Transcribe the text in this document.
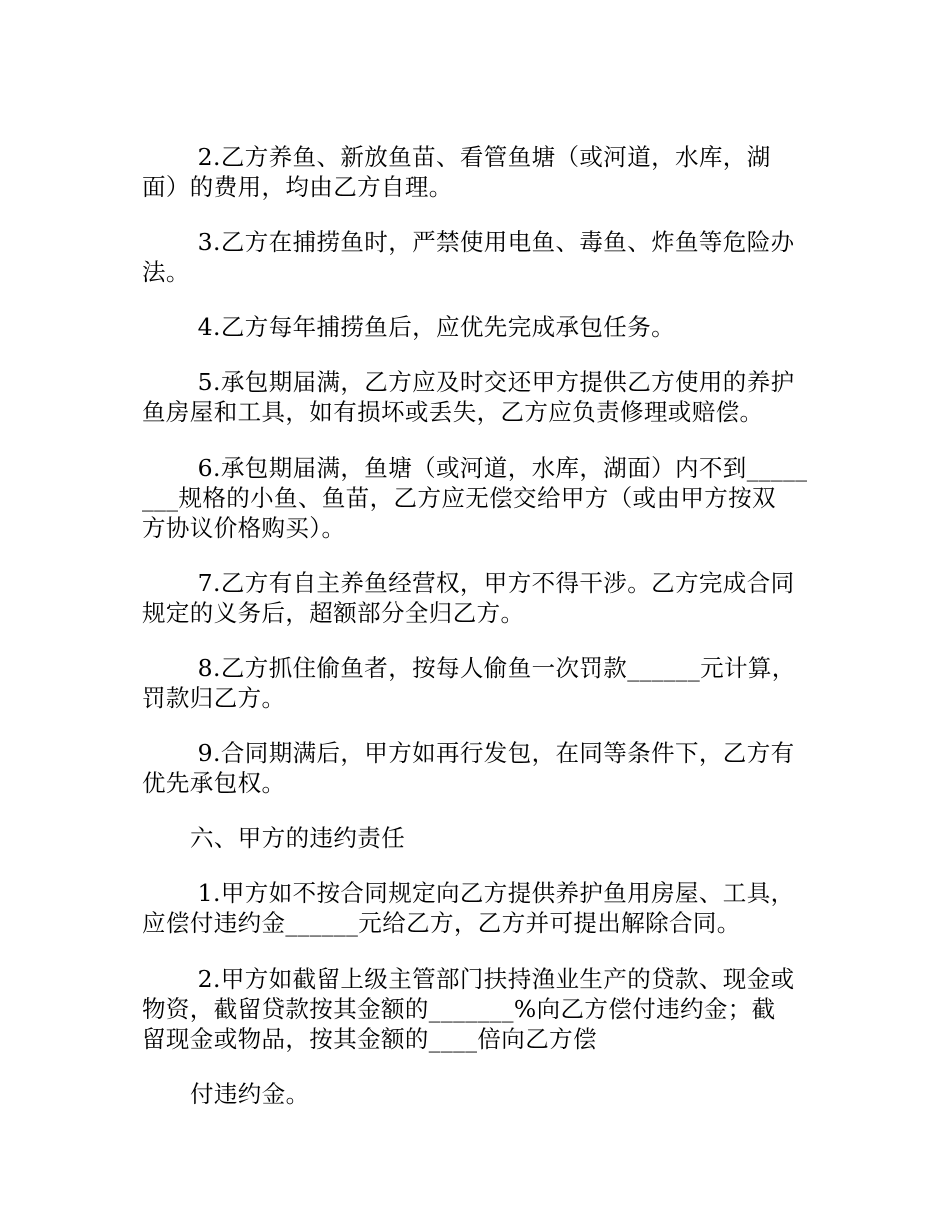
　　 2.乙方养鱼、新放鱼苗、看管鱼塘（或河道，水库，湖
面）的费用，均由乙方自理。
　　 3.乙方在捕捞鱼时，严禁使用电鱼、毒鱼、炸鱼等危险办
法。
　　 4.乙方每年捕捞鱼后，应优先完成承包任务。
　　 5.承包期届满，乙方应及时交还甲方提供乙方使用的养护
鱼房屋和工具，如有损坏或丢失，乙方应负责修理或赔偿。
　　 6.承包期届满，鱼塘（或河道，水库，湖面）内不到_____
___规格的小鱼、鱼苗，乙方应无偿交给甲方（或由甲方按双
方协议价格购买）。
　　 7.乙方有自主养鱼经营权，甲方不得干涉。乙方完成合同
规定的义务后，超额部分全归乙方。
　　 8.乙方抓住偷鱼者，按每人偷鱼一次罚款______元计算，
罚款归乙方。
　　 9.合同期满后，甲方如再行发包，在同等条件下，乙方有
优先承包权。
六、甲方的违约责任
　　 1.甲方如不按合同规定向乙方提供养护鱼用房屋、工具，
应偿付违约金______元给乙方，乙方并可提出解除合同。
　　 2.甲方如截留上级主管部门扶持渔业生产的贷款、现金或
物资，截留贷款按其金额的_______%向乙方偿付违约金；截
留现金或物品，按其金额的____倍向乙方偿
付违约金。
